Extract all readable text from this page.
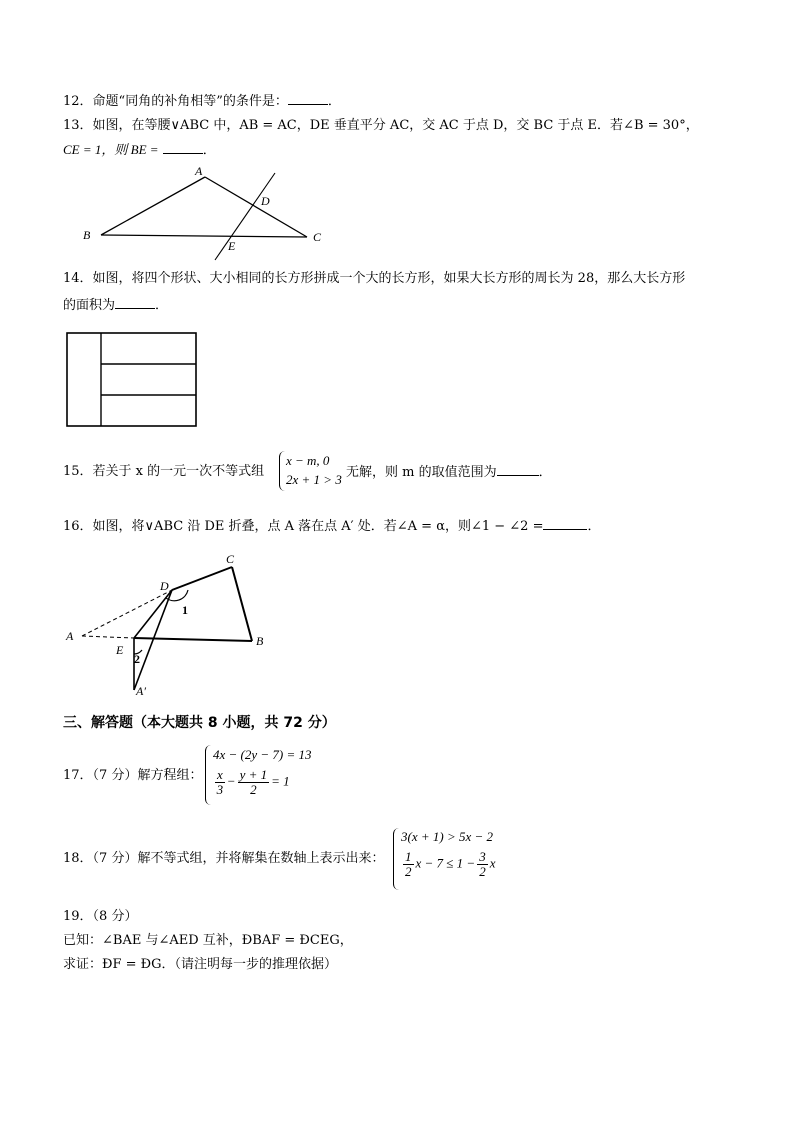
12．命题“同角的补角相等”的条件是：	．
13．如图，在等腰∨ABC 中，AB = AC，DE 垂直平分 AC，交 AC 于点 D，交 BC 于点 E．若∠B = 30°，
CE = 1，则 BE =	．
A
B	C
D
E
14．如图，将四个形状、大小相同的长方形拼成一个大的长方形，如果大长方形的周长为 28，那么大长方形
的面积为	．
15．若关于 x 的一元一次不等式组
x − m, 0
2x + 1 > 3 无解，则 m 的取值范围为	．
16．如图，将∨ABC 沿 DE 折叠，点 A 落在点 A′ 处．若∠A = α，则∠1 − ∠2 =	．
A	B
C
D
E
A′
1
2
三、解答题（本大题共 8 小题，共 72 分）
17．（7 分）解方程组：
4x − (2y − 7) = 13
$\frac{x}{3} - \frac{y + 1}{2} = 1$
18．（7 分）解不等式组，并将解集在数轴上表示出来：
3(x + 1) > 5x − 2
$\frac{1}{2}$ $x - 7 \le 1 - \frac{3}{2}$ x
19．（8 分）
已知：∠BAE 与∠AED 互补，ÐBAF = ÐCEG，
求证：ÐF = ÐG．（请注明每一步的推理依据）
